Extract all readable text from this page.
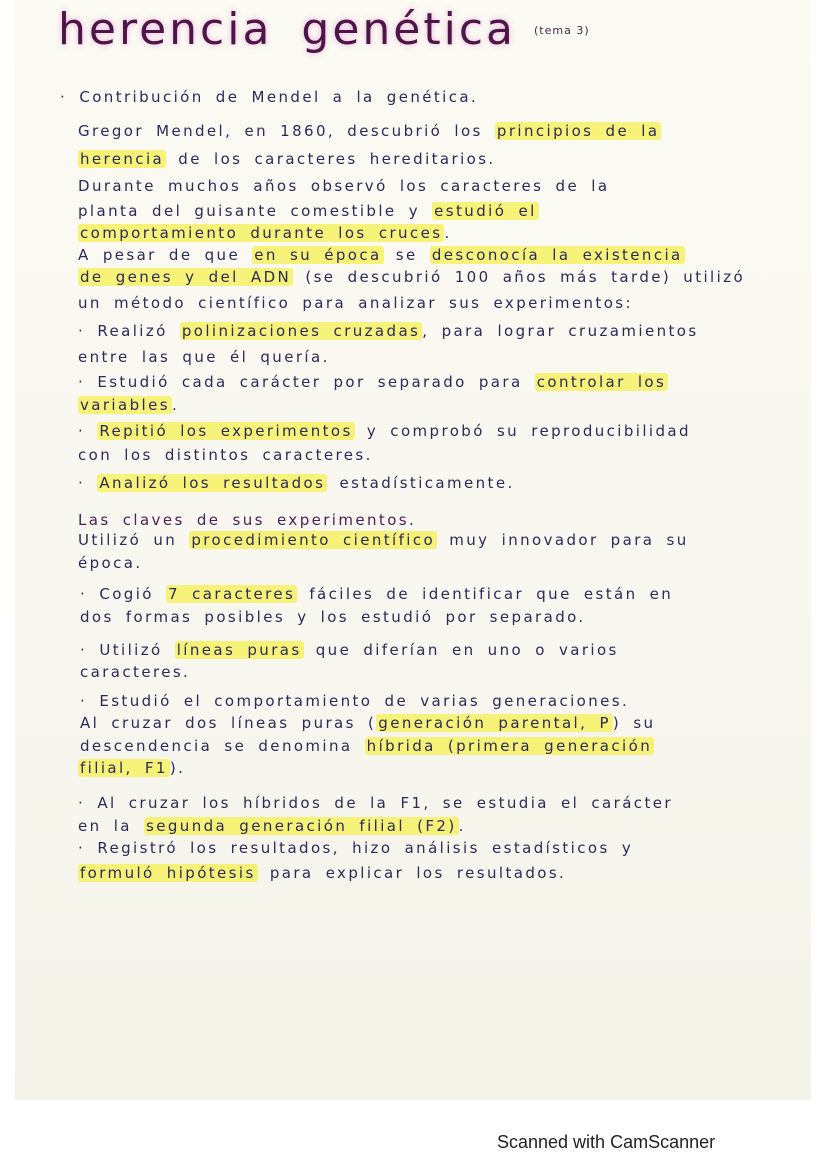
herencia genética (tema 3)
· Contribución de Mendel a la genética.
Gregor Mendel, en 1860, descubrió los principios de la
herencia de los caracteres hereditarios.
Durante muchos años observó los caracteres de la
planta del guisante comestible y estudió el
comportamiento durante los cruces .
A pesar de que en su época se desconocía la existencia
de genes y del ADN (se descubrió 100 años más tarde) utilizó
un método científico para analizar sus experimentos:
· Realizó polinizaciones cruzadas , para lograr cruzamientos
entre las que él quería.
· Estudió cada carácter por separado para controlar los
variables .
· Repitió los experimentos y comprobó su reproducibilidad
con los distintos caracteres.
· Analizó los resultados estadísticamente.
Las claves de sus experimentos.
Utilizó un procedimiento científico muy innovador para su
época.
· Cogió 7 caracteres fáciles de identificar que están en
dos formas posibles y los estudió por separado.
· Utilizó líneas puras que diferían en uno o varios
caracteres.
· Estudió el comportamiento de varias generaciones.
Al cruzar dos líneas puras ( generación parental, P ) su
descendencia se denomina híbrida (primera generación
filial, F1 ).
· Al cruzar los híbridos de la F1, se estudia el carácter
en la segunda generación filial (F2) .
· Registró los resultados, hizo análisis estadísticos y
formuló hipótesis para explicar los resultados.
Scanned with CamScanner
